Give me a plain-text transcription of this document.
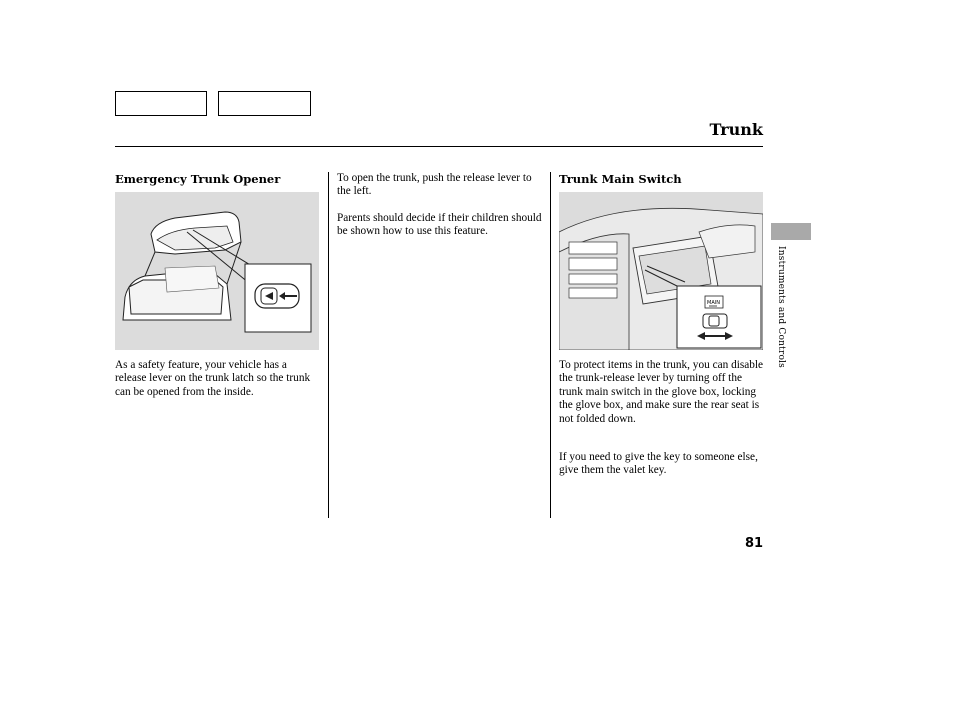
Trunk
Emergency Trunk Opener
As a safety feature, your vehicle has a release lever on the trunk latch so the trunk can be opened from the inside.
To open the trunk, push the release lever to the left.
Parents should decide if their children should be shown how to use this feature.
Trunk Main Switch
MAIN
To protect items in the trunk, you can disable the trunk-release lever by turning off the trunk main switch in the glove box, locking the glove box, and make sure the rear seat is not folded down.
If you need to give the key to someone else, give them the valet key.
Instruments and Controls
81
